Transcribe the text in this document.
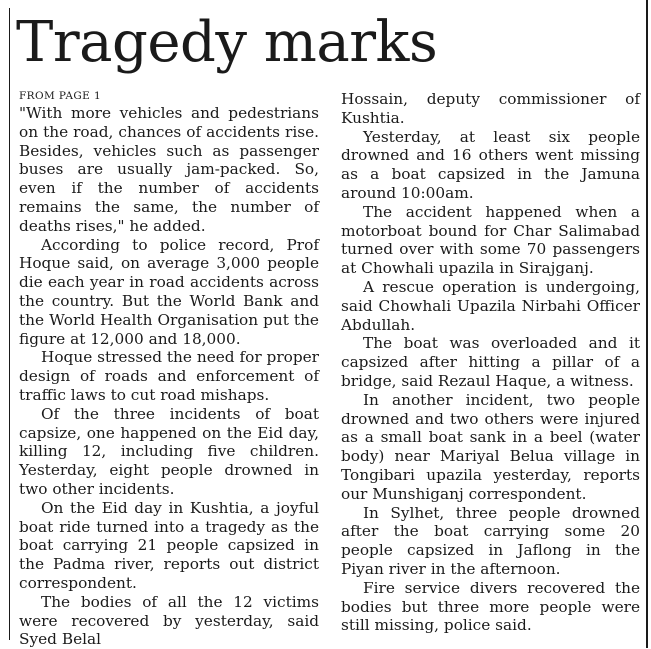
Tragedy marks

FROM PAGE 1

"With more vehicles and pedestrians on the road, chances of accidents rise. Besides, vehicles such as passenger buses are usually jam-packed. So, even if the number of accidents remains the same, the number of deaths rises," he added.

According to police record, Prof Hoque said, on average 3,000 people die each year in road accidents across the country. But the World Bank and the World Health Organisation put the figure at 12,000 and 18,000.

Hoque stressed the need for proper design of roads and enforcement of traffic laws to cut road mishaps.

Of the three incidents of boat capsize, one happened on the Eid day, killing 12, including five children. Yesterday, eight people drowned in two other incidents.

On the Eid day in Kushtia, a joyful boat ride turned into a tragedy as the boat carrying 21 people capsized in the Padma river, reports out district correspondent.

The bodies of all the 12 victims were recovered by yesterday, said Syed Belal

Hossain, deputy commissioner of Kushtia.

Yesterday, at least six people drowned and 16 others went missing as a boat capsized in the Jamuna around 10:00am.

The accident happened when a motorboat bound for Char Salimabad turned over with some 70 passengers at Chowhali upazila in Sirajganj.

A rescue operation is undergoing, said Chowhali Upazila Nirbahi Officer Abdullah.

The boat was overloaded and it capsized after hitting a pillar of a bridge, said Rezaul Haque, a witness.

In another incident, two people drowned and two others were injured as a small boat sank in a beel (water body) near Mariyal Belua village in Tongibari upazila yesterday, reports our Munshiganj correspondent.

In Sylhet, three people drowned after the boat carrying some 20 people capsized in Jaflong in the Piyan river in the afternoon.

Fire service divers recovered the bodies but three more people were still missing, police said.
